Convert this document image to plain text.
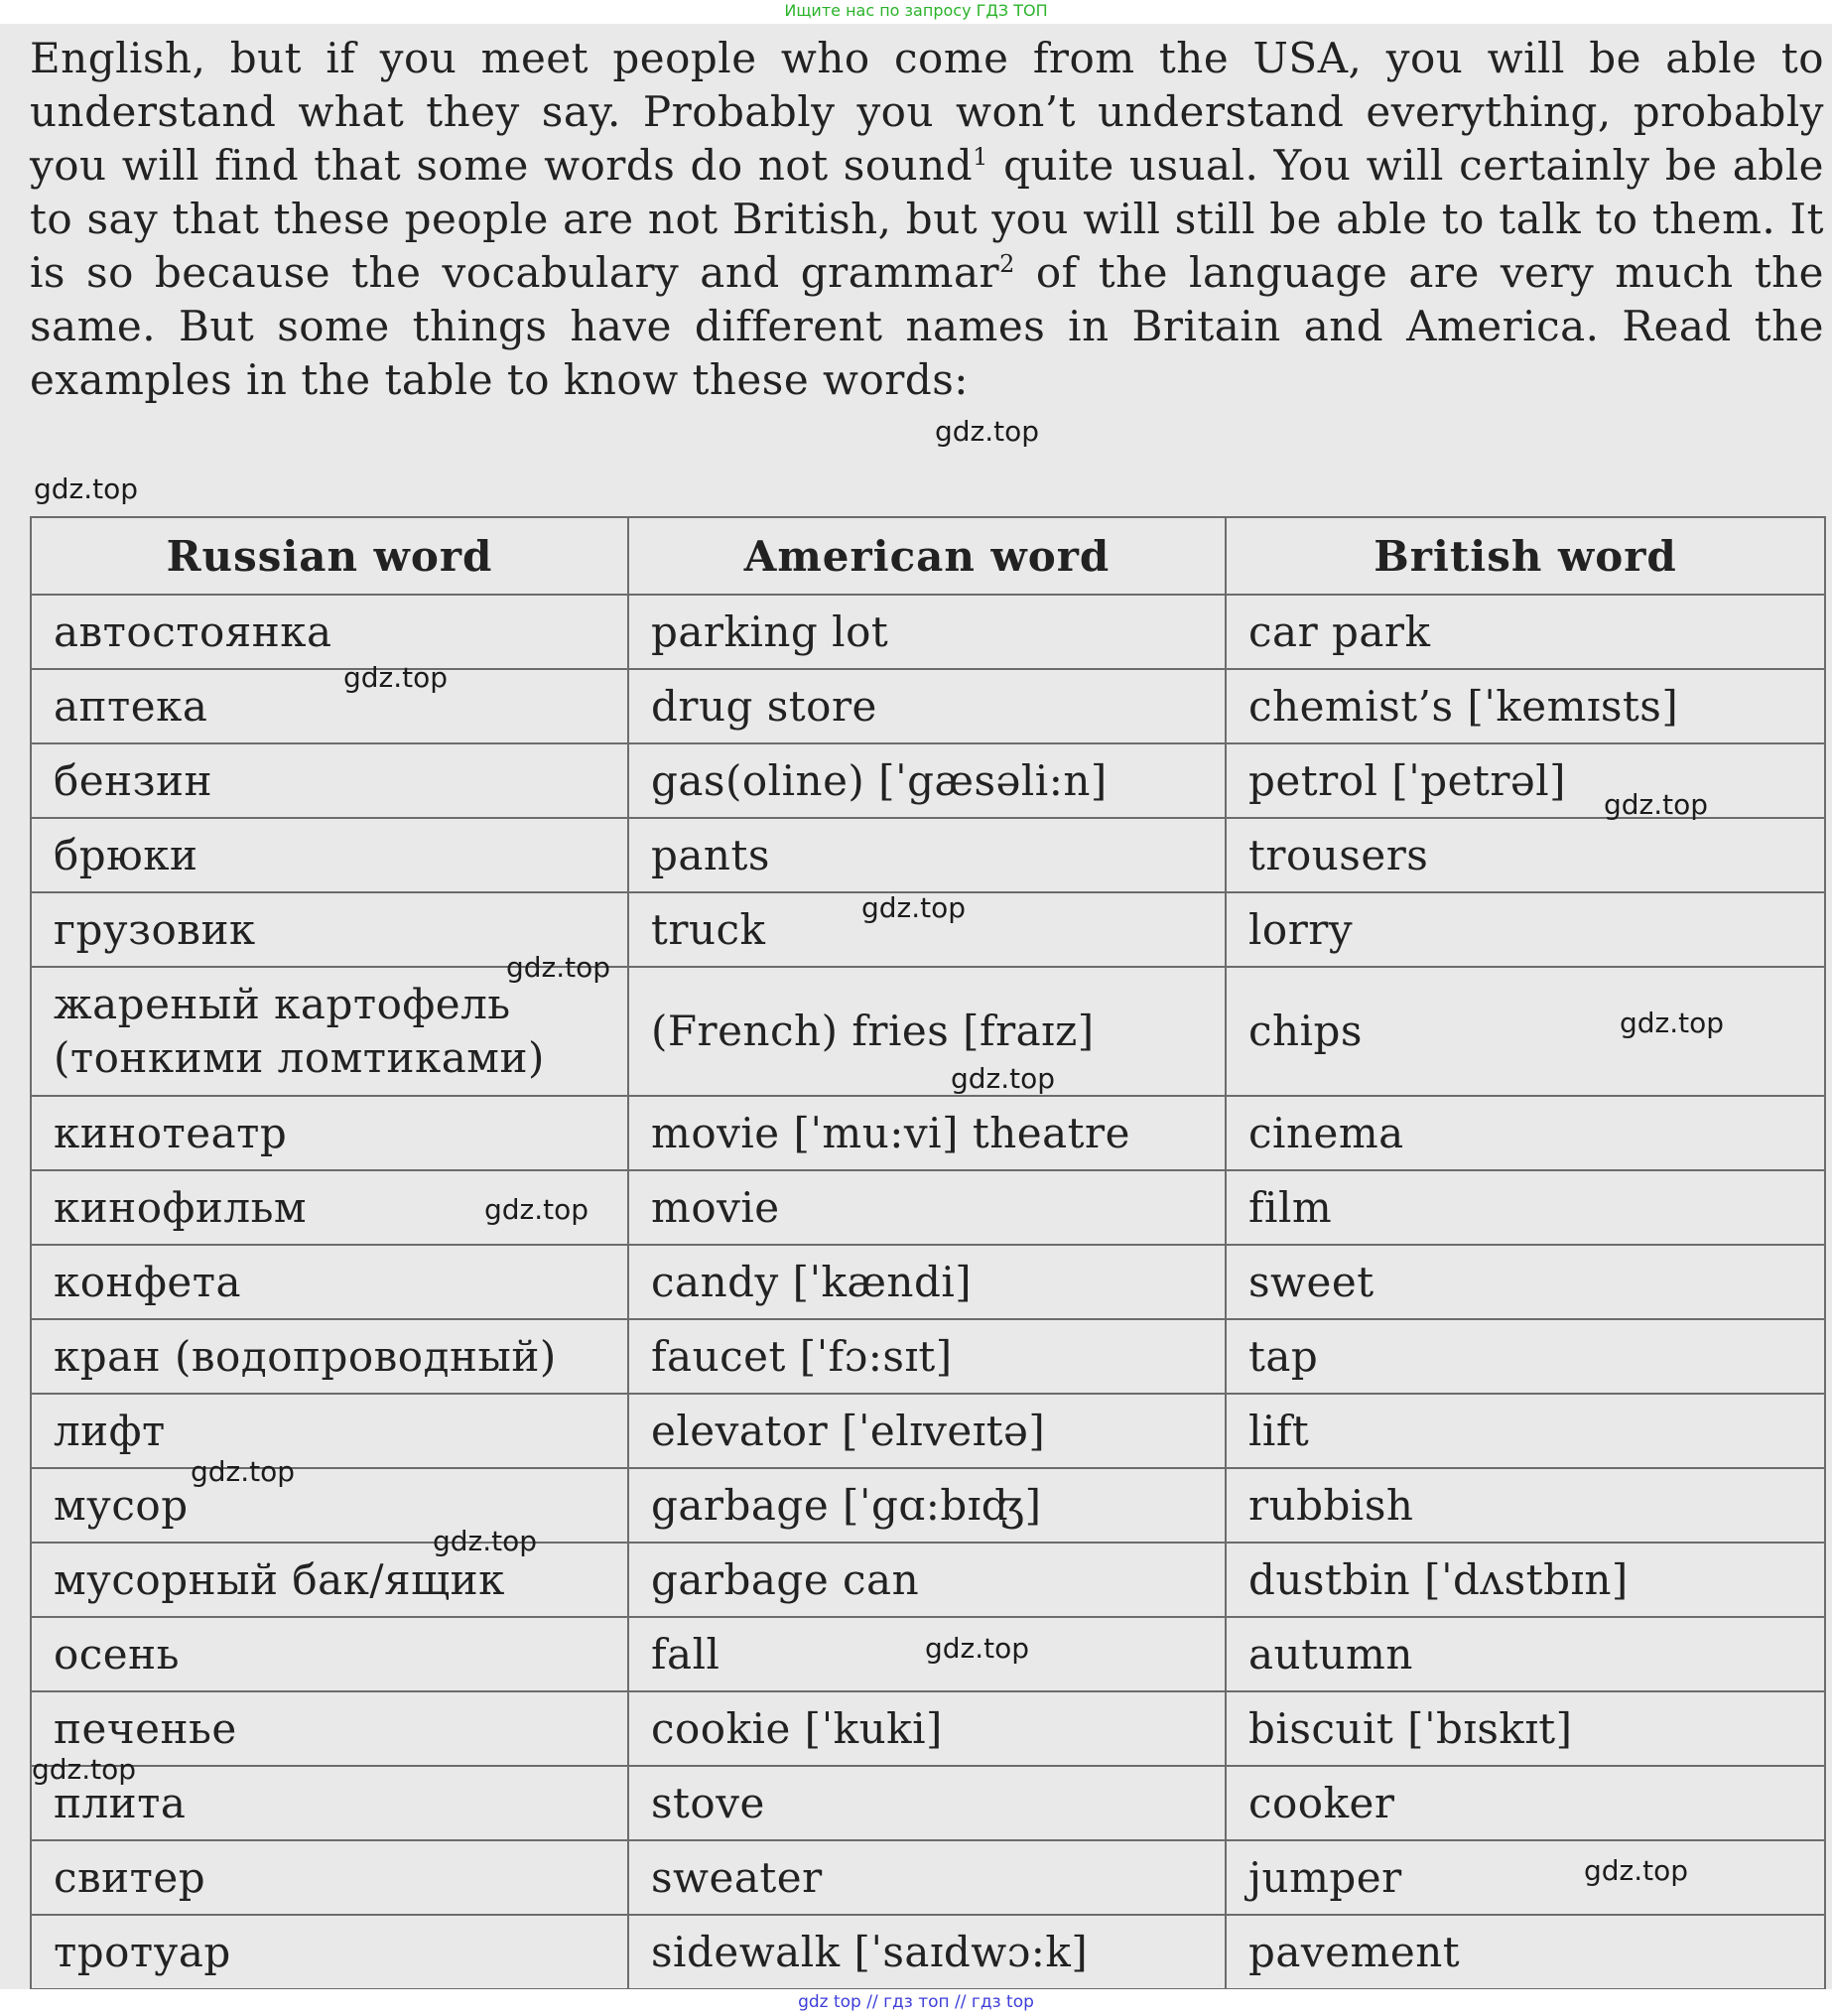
Ищите нас по запросу ГДЗ ТОП

English, but if you meet people who come from the USA, you will be able to understand what they say. Probably you won’t understand everything, probably you will find that some words do not sound$^1$ quite usual. You will certainly be able to say that these people are not British, but you will still be able to talk to them. It is so because the vocabulary and grammar$^2$ of the language are very much the same. But some things have different names in Britain and America. Read the examples in the table to know these words:

Russian word	American word	British word
автостоянка	parking lot	car park
аптека	drug store	chemist’s [ˈkemɪsts]
бензин	gas(oline) [ˈgæsəli:n]	petrol [ˈpetrəl]
брюки	pants	trousers
грузовик	truck	lorry
жареный картофель (тонкими ломтиками)	(French) fries [fraɪz]	chips
кинотеатр	movie [ˈmu:vi] theatre	cinema
кинофильм	movie	film
конфета	candy [ˈkændi]	sweet
кран (водопроводный)	faucet [ˈfɔ:sɪt]	tap
лифт	elevator [ˈelɪveɪtə]	lift
мусор	garbage [ˈgɑ:bɪʤ]	rubbish
мусорный бак/ящик	garbage can	dustbin [ˈdʌstbɪn]
осень	fall	autumn
печенье	cookie [ˈkuki]	biscuit [ˈbɪskɪt]
плита	stove	cooker
свитер	sweater	jumper
тротуар	sidewalk [ˈsaɪdwɔ:k]	pavement
gdz.top
gdz.top
gdz.top
gdz.top
gdz.top
gdz.top
gdz.top
gdz.top
gdz.top
gdz.top
gdz.top
gdz.top
gdz.top
gdz.top
gdz top // гдз топ // гдз top
